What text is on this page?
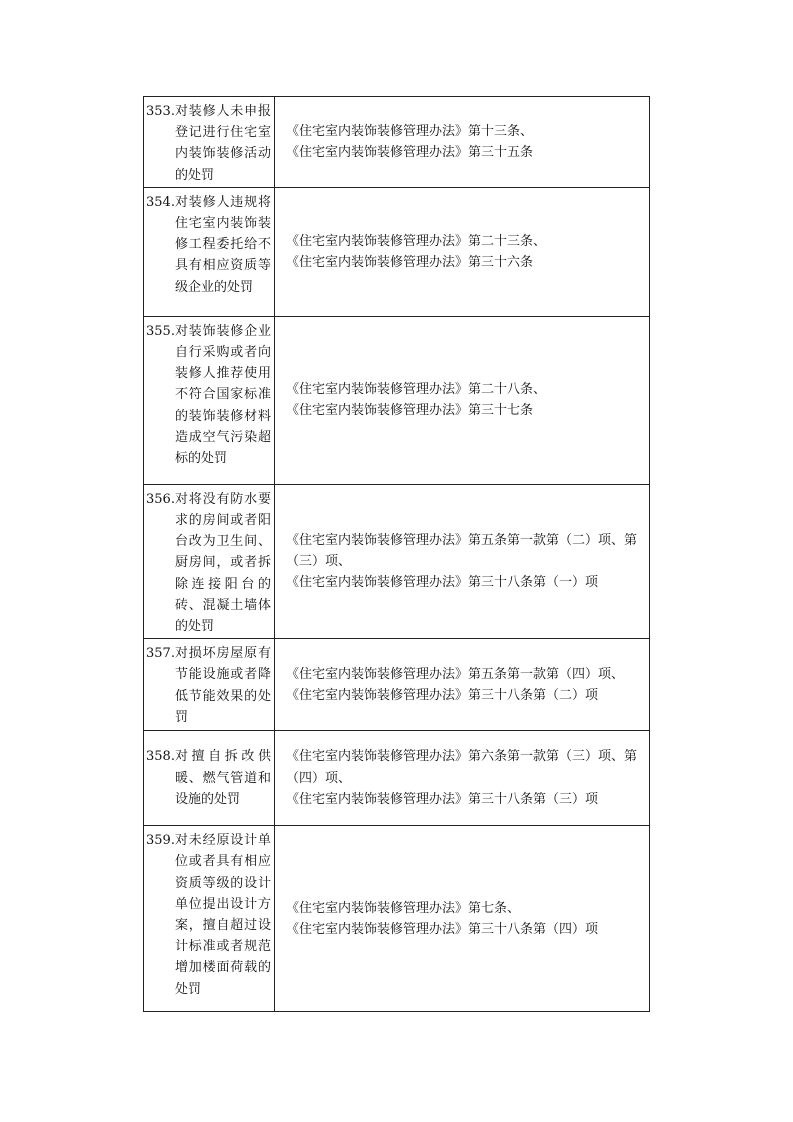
353. 对装修人未申报登记进行住宅室内装饰装修活动的处罚	《住宅室内装饰装修管理办法》第十三条、
《住宅室内装饰装修管理办法》第三十五条

354. 对装修人违规将住宅室内装饰装修工程委托给不具有相应资质等级企业的处罚	《住宅室内装饰装修管理办法》第二十三条、
《住宅室内装饰装修管理办法》第三十六条

355. 对装饰装修企业自行采购或者向装修人推荐使用不符合国家标准的装饰装修材料造成空气污染超标的处罚	《住宅室内装饰装修管理办法》第二十八条、
《住宅室内装饰装修管理办法》第三十七条

356. 对将没有防水要求的房间或者阳台改为卫生间、厨房间，或者拆除连接阳台的砖、混凝土墙体的处罚	《住宅室内装饰装修管理办法》第五条第一款第（二）项、第
（三）项、
《住宅室内装饰装修管理办法》第三十八条第（一）项

357. 对损坏房屋原有节能设施或者降低节能效果的处罚	《住宅室内装饰装修管理办法》第五条第一款第（四）项、
《住宅室内装饰装修管理办法》第三十八条第（二）项

358. 对擅自拆改供暖、燃气管道和设施的处罚	《住宅室内装饰装修管理办法》第六条第一款第（三）项、第
（四）项、
《住宅室内装饰装修管理办法》第三十八条第（三）项

359. 对未经原设计单位或者具有相应资质等级的设计单位提出设计方案，擅自超过设计标准或者规范增加楼面荷载的处罚	《住宅室内装饰装修管理办法》第七条、
《住宅室内装饰装修管理办法》第三十八条第（四）项
